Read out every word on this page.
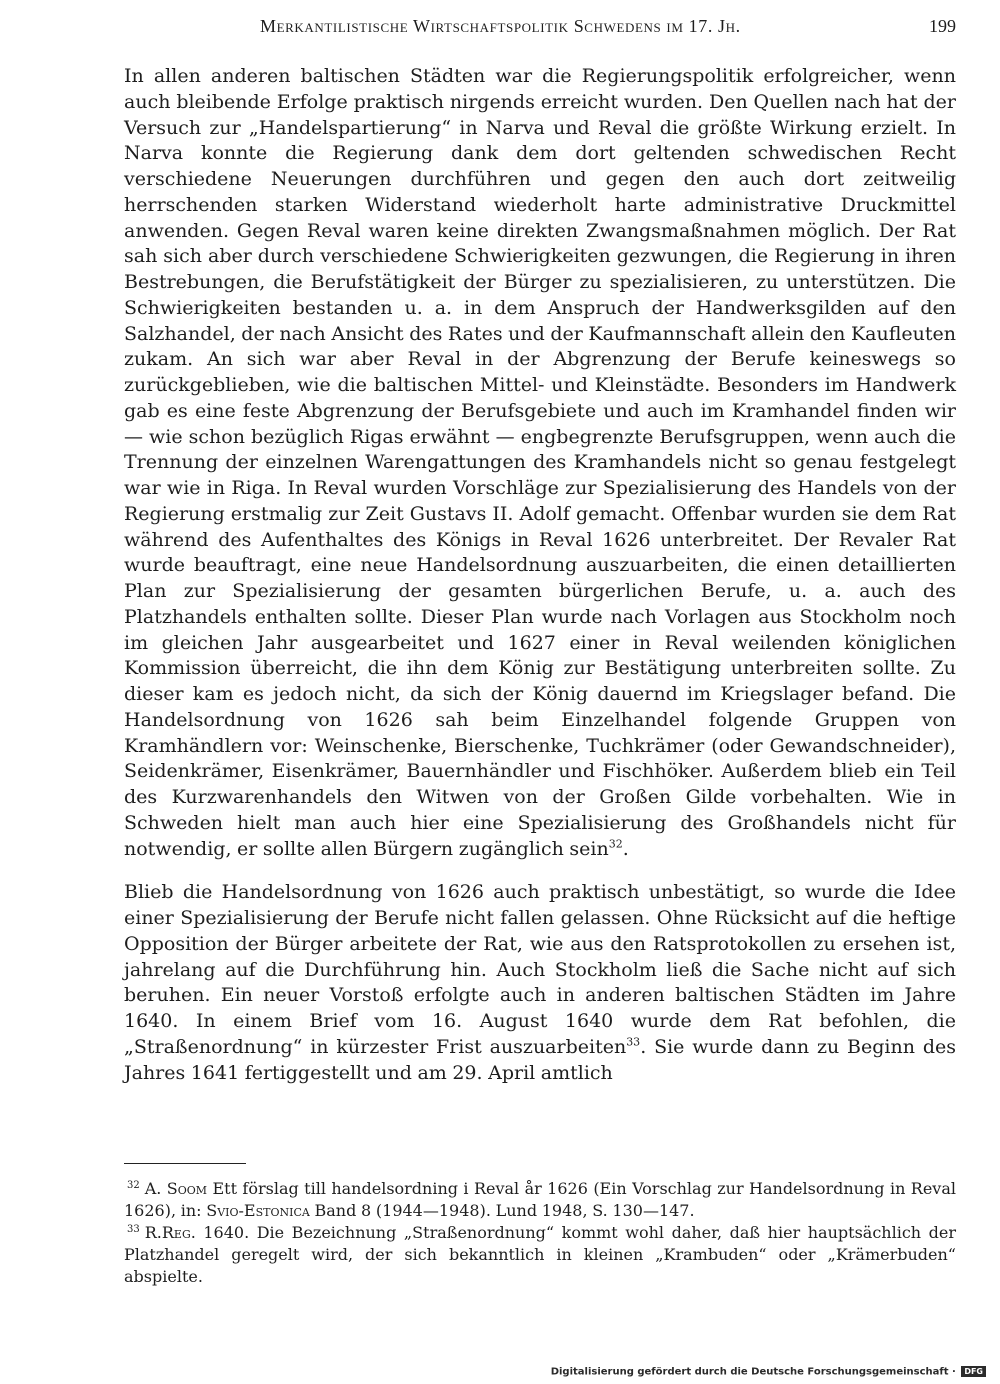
Merkantilistische Wirtschaftspolitik Schwedens im 17. Jh.	199

In allen anderen baltischen Städten war die Regierungspolitik erfolgreicher, wenn auch bleibende Erfolge praktisch nirgends erreicht wurden. Den Quellen nach hat der Versuch zur „Handelspartierung“ in Narva und Reval die größte Wirkung erzielt. In Narva konnte die Regierung dank dem dort geltenden schwedischen Recht verschiedene Neuerungen durchführen und gegen den auch dort zeitweilig herrschenden starken Widerstand wiederholt harte administrative Druckmittel anwenden. Gegen Reval waren keine direkten Zwangsmaßnahmen möglich. Der Rat sah sich aber durch verschiedene Schwierigkeiten gezwungen, die Regierung in ihren Bestrebungen, die Berufstätigkeit der Bürger zu spezialisieren, zu unterstützen. Die Schwierigkeiten bestanden u. a. in dem Anspruch der Handwerksgilden auf den Salzhandel, der nach Ansicht des Rates und der Kaufmannschaft allein den Kaufleuten zukam. An sich war aber Reval in der Abgrenzung der Berufe keineswegs so zurückgeblieben, wie die baltischen Mittel- und Kleinstädte. Besonders im Handwerk gab es eine feste Abgrenzung der Berufsgebiete und auch im Kramhandel finden wir — wie schon bezüglich Rigas erwähnt — engbegrenzte Berufsgruppen, wenn auch die Trennung der einzelnen Warengattungen des Kramhandels nicht so genau festgelegt war wie in Riga. In Reval wurden Vorschläge zur Spezialisierung des Handels von der Regierung erstmalig zur Zeit Gustavs II. Adolf gemacht. Offenbar wurden sie dem Rat während des Aufenthaltes des Königs in Reval 1626 unterbreitet. Der Revaler Rat wurde beauftragt, eine neue Handelsordnung auszuarbeiten, die einen detaillierten Plan zur Spezialisierung der gesamten bürgerlichen Berufe, u. a. auch des Platzhandels enthalten sollte. Dieser Plan wurde nach Vorlagen aus Stockholm noch im gleichen Jahr ausgearbeitet und 1627 einer in Reval weilenden königlichen Kommission überreicht, die ihn dem König zur Bestätigung unterbreiten sollte. Zu dieser kam es jedoch nicht, da sich der König dauernd im Kriegslager befand. Die Handelsordnung von 1626 sah beim Einzelhandel folgende Gruppen von Kramhändlern vor: Weinschenke, Bierschenke, Tuchkrämer (oder Gewandschneider), Seidenkrämer, Eisenkrämer, Bauernhändler und Fischhöker. Außerdem blieb ein Teil des Kurzwarenhandels den Witwen von der Großen Gilde vorbehalten. Wie in Schweden hielt man auch hier eine Spezialisierung des Großhandels nicht für notwendig, er sollte allen Bürgern zugänglich sein$^{32}$.

Blieb die Handelsordnung von 1626 auch praktisch unbestätigt, so wurde die Idee einer Spezialisierung der Berufe nicht fallen gelassen. Ohne Rücksicht auf die heftige Opposition der Bürger arbeitete der Rat, wie aus den Ratsprotokollen zu ersehen ist, jahrelang auf die Durchführung hin. Auch Stockholm ließ die Sache nicht auf sich beruhen. Ein neuer Vorstoß erfolgte auch in anderen baltischen Städten im Jahre 1640. In einem Brief vom 16. August 1640 wurde dem Rat befohlen, die „Straßenordnung“ in kürzester Frist auszuarbeiten$^{33}$. Sie wurde dann zu Beginn des Jahres 1641 fertiggestellt und am 29. April amtlich

$^{32}$ A. Soom Ett förslag till handelsordning i Reval år 1626 (Ein Vorschlag zur Handelsordnung in Reval 1626), in: Svio-Estonica Band 8 (1944—1948). Lund 1948, S. 130—147.

$^{33}$ R.Reg. 1640. Die Bezeichnung „Straßenordnung“ kommt wohl daher, daß hier hauptsächlich der Platzhandel geregelt wird, der sich bekanntlich in kleinen „Krambuden“ oder „Krämerbuden“ abspielte.

Digitalisierung gefördert durch die Deutsche Forschungsgemeinschaft · DFG
